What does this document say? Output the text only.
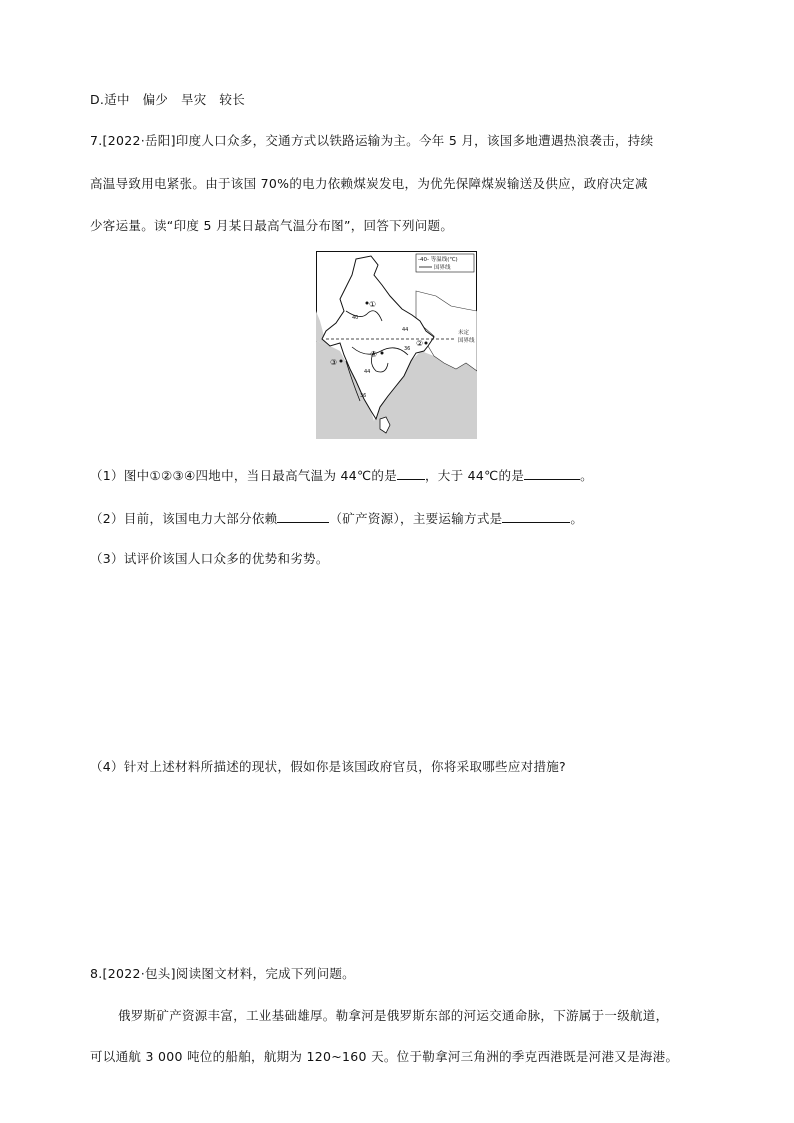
D.适中　偏少　旱灾　较长
7.[2022·岳阳]印度人口众多，交通方式以铁路运输为主。今年 5 月，该国多地遭遇热浪袭击，持续
高温导致用电紧张。由于该国 70%的电力依赖煤炭发电，为优先保障煤炭输送及供应，政府决定减
少客运量。读“印度 5 月某日最高气温分布图”，回答下列问题。
-40- 等温线(℃)
国界线
未定
国界线
①
②
③
④
40
44
36
44
36
（1）图中①②③④四地中，当日最高气温为 44℃的是 ，大于 44℃的是	。
（2）目前，该国电力大部分依赖	（矿产资源），主要运输方式是	。
（3）试评价该国人口众多的优势和劣势。
（4）针对上述材料所描述的现状，假如你是该国政府官员，你将采取哪些应对措施?
8.[2022·包头]阅读图文材料，完成下列问题。
俄罗斯矿产资源丰富，工业基础雄厚。勒拿河是俄罗斯东部的河运交通命脉，下游属于一级航道，
可以通航 3 000 吨位的船舶，航期为 120~160 天。位于勒拿河三角洲的季克西港既是河港又是海港。
